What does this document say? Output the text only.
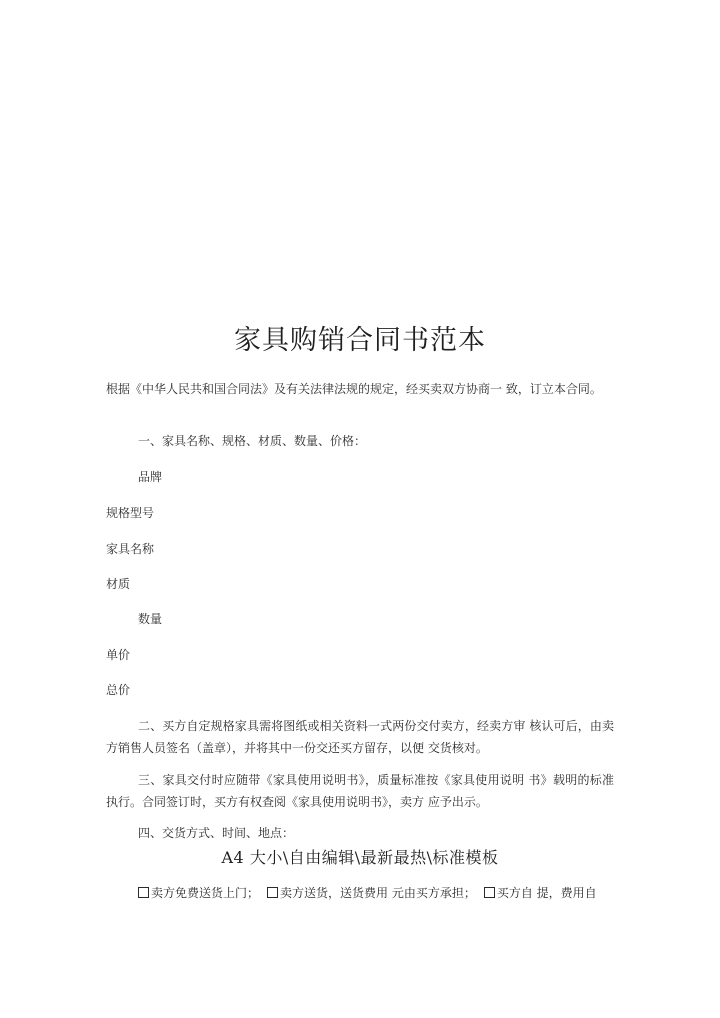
家具购销合同书范本
根据《中华人民共和国合同法》及有关法律法规的规定，经买卖双方协商一 致，订立本合同。
一、家具名称、规格、材质、数量、价格：
品牌
规格型号
家具名称
材质
数量
单价
总价
二、买方自定规格家具需将图纸或相关资料一式两份交付卖方，经卖方审 核认可后，由卖方销售人员签名（盖章），并将其中一份交还买方留存，以便 交货核对。
三、家具交付时应随带《家具使用说明书》，质量标准按《家具使用说明 书》载明的标准执行。合同签订时，买方有权查阅《家具使用说明书》，卖方 应予出示。
四、交货方式、时间、地点：
A4 大小\自由编辑\最新最热\标准模板
卖方免费送货上门； 卖方送货，送货费用 元由买方承担； 买方自 提，费用自
